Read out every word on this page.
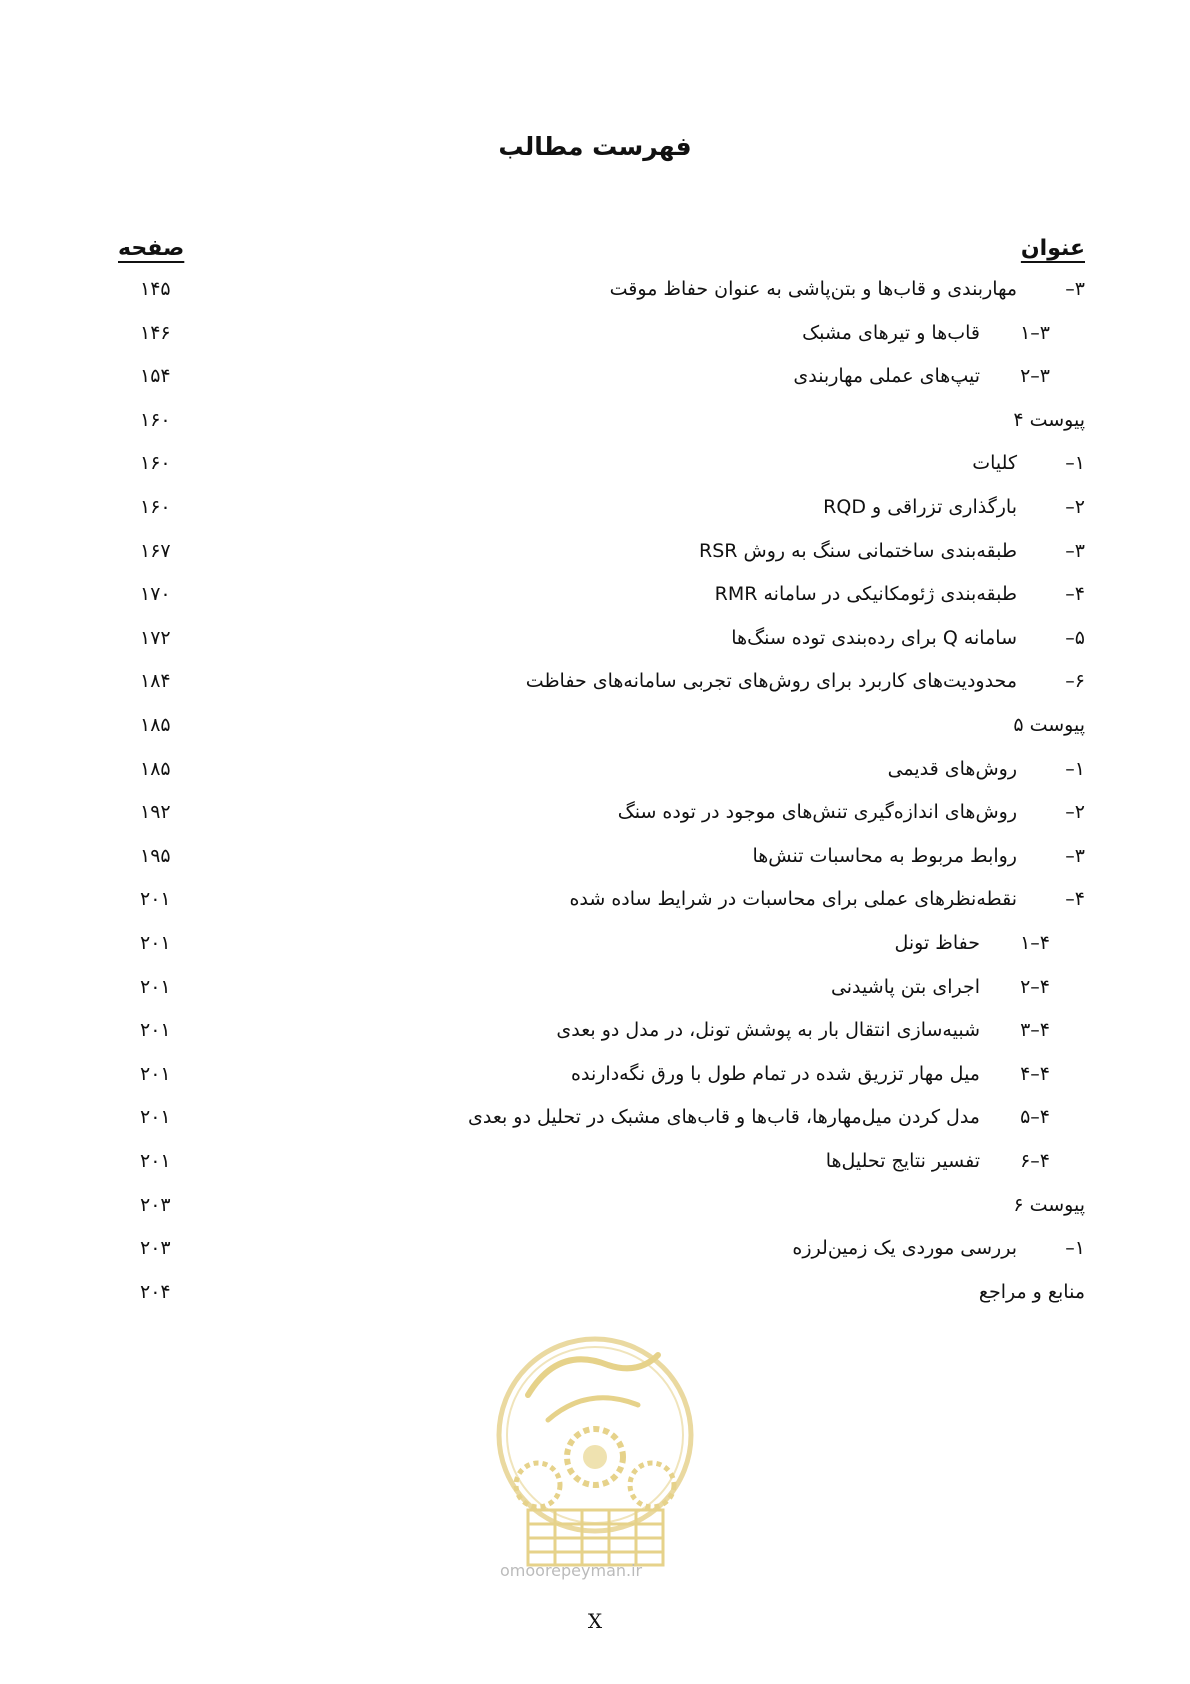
فهرست مطالب
عنوان
صفحه
۳–
مهاربندی و قاب‌ها و بتن‌پاشی به عنوان حفاظ موقت
۱۴۵
۳–۱
قاب‌ها و تیرهای مشبک
۱۴۶
۳–۲
تیپ‌های عملی مهاربندی
۱۵۴
پیوست ۴
۱۶۰
۱–
کلیات
۱۶۰
۲–
بارگذاری تزراقی و RQD
۱۶۰
۳–
طبقه‌بندی ساختمانی سنگ به روش RSR
۱۶۷
۴–
طبقه‌بندی ژئومکانیکی در سامانه RMR
۱۷۰
۵–
سامانه Q برای رده‌بندی توده سنگ‌ها
۱۷۲
۶–
محدودیت‌های کاربرد برای روش‌های تجربی سامانه‌های حفاظت
۱۸۴
پیوست ۵
۱۸۵
۱–
روش‌های قدیمی
۱۸۵
۲–
روش‌های اندازه‌گیری تنش‌های موجود در توده سنگ
۱۹۲
۳–
روابط مربوط به محاسبات تنش‌ها
۱۹۵
۴–
نقطه‌نظرهای عملی برای محاسبات در شرایط ساده شده
۲۰۱
۴–۱
حفاظ تونل
۲۰۱
۴–۲
اجرای بتن پاشیدنی
۲۰۱
۴–۳
شبیه‌سازی انتقال بار به پوشش تونل، در مدل دو بعدی
۲۰۱
۴–۴
میل مهار تزریق شده در تمام طول با ورق نگه‌دارنده
۲۰۱
۴–۵
مدل کردن میل‌مهارها، قاب‌ها و قاب‌های مشبک در تحلیل دو بعدی
۲۰۱
۴–۶
تفسیر نتایج تحلیل‌ها
۲۰۱
پیوست ۶
۲۰۳
۱–
بررسی موردی یک زمین‌لرزه
۲۰۳
منابع و مراجع
۲۰۴
omoorepeyman.ir
X
